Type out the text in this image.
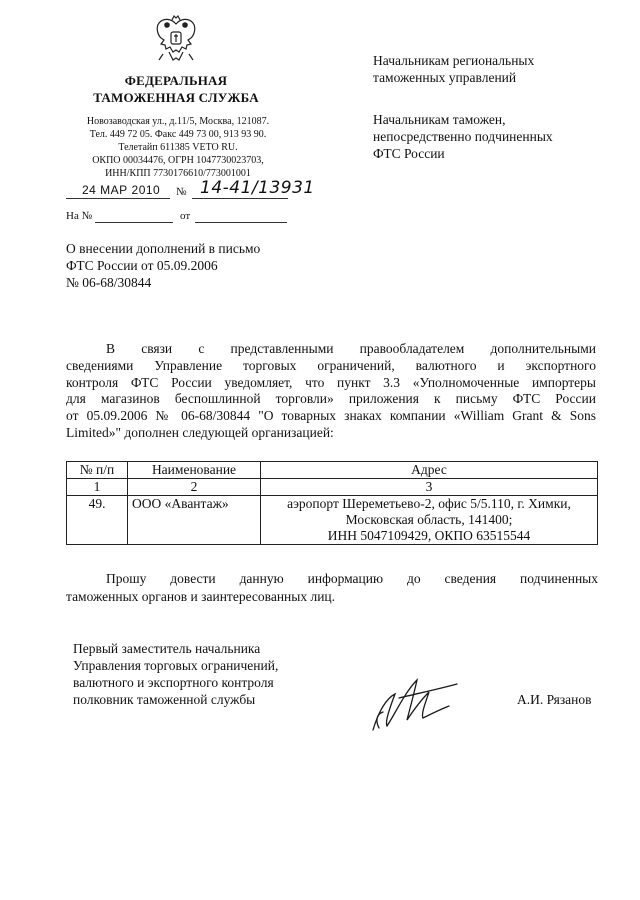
ФЕДЕРАЛЬНАЯ
ТАМОЖЕННАЯ СЛУЖБА
Новозаводская ул., д.11/5, Москва, 121087.
Тел. 449 72 05. Факс 449 73 00, 913 93 90.
Телетайп 611385 VETO RU.
ОКПО 00034476, ОГРН 1047730023703,
ИНН/КПП 7730176610/773001001
24 МАР 2010 № 14-41/13931
На №	от
Начальникам региональных
таможенных управлений
Начальникам таможен,
непосредственно подчиненных
ФТС России
О внесении дополнений в письмо
ФТС России от 05.09.2006
№ 06-68/30844
В связи с представленными правообладателем дополнительными
сведениями Управление торговых ограничений, валютного и экспортного
контроля ФТС России уведомляет, что пункт 3.3 «Уполномоченные импортеры
для магазинов беспошлинной торговли» приложения к письму ФТС России
от 05.09.2006 № 06-68/30844 "О товарных знаках компании «William Grant & Sons
Limited»" дополнен следующей организацией:
№ п/п	Наименование	Адрес
1	2	3
49.	ООО «Авантаж»	аэропорт Шереметьево-2, офис 5/5.110, г. Химки,
Московская область, 141400;
ИНН 5047109429, ОКПО 63515544
Прошу довести данную информацию до сведения подчиненных
таможенных органов и заинтересованных лиц.
Первый заместитель начальника
Управления торговых ограничений,
валютного и экспортного контроля
полковник таможенной службы	А.И. Рязанов
